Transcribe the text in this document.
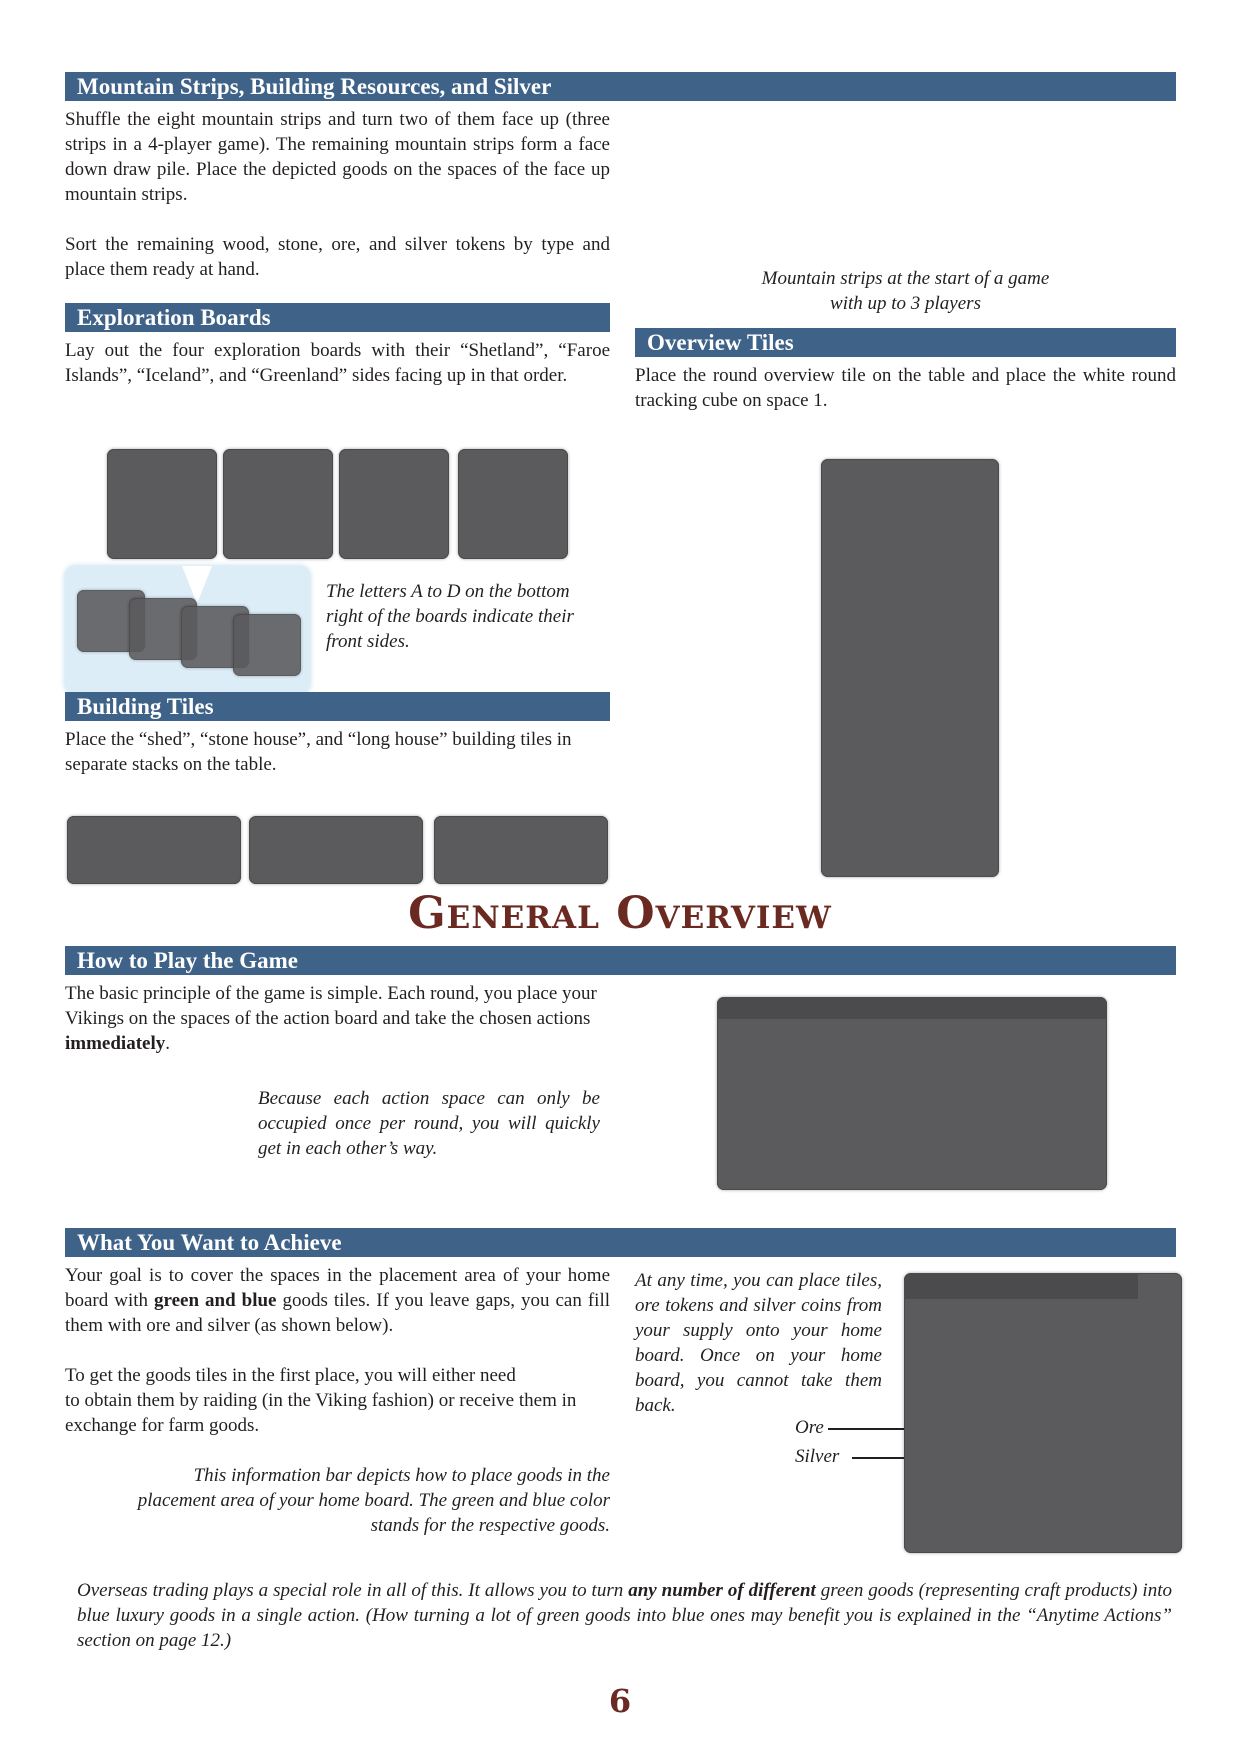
Mountain Strips, Building Resources, and Silver

Shuffle the eight mountain strips and turn two of them face up (three strips in a 4-player game). The remaining mountain strips form a face down draw pile. Place the depicted goods on the spaces of the face up mountain strips.

Sort the remaining wood, stone, ore, and silver tokens by type and place them ready at hand.	Mountain strips at the start of a game
with up to 3 players
Exploration Boards
Lay out the four exploration boards with their “Shetland”, “Faroe Islands”, “Iceland”, and “Greenland” sides facing up in that order.
The letters A to D on the bottom right of the boards indicate their front sides.
Building Tiles
Place the “shed”, “stone house”, and “long house” building tiles in separate stacks on the table.
Overview Tiles
Place the round overview tile on the table and place the white round tracking cube on space 1.
General Overview
How to Play the Game
The basic principle of the game is simple. Each round, you place your Vikings on the spaces of the action board and take the chosen actions immediately.
Because each action space can only be occupied once per round, you will quickly get in each other’s way.
What You Want to Achieve
Your goal is to cover the spaces in the placement area of your home board with green and blue goods tiles. If you leave gaps, you can fill them with ore and silver (as shown below).
To get the goods tiles in the first place, you will either need
to obtain them by raiding (in the Viking fashion) or receive them in exchange for farm goods.
This information bar depicts how to place goods in the
placement area of your home board. The green and blue color
stands for the respective goods.
At any time, you can place tiles, ore tokens and silver coins from your supply onto your home board. Once on your home board, you cannot take them back.
Ore
Silver
Overseas trading plays a special role in all of this. It allows you to turn any number of different green goods (representing craft products) into blue luxury goods in a single action. (How turning a lot of green goods into blue ones may benefit you is explained in the “Anytime Actions” section on page 12.)
6
